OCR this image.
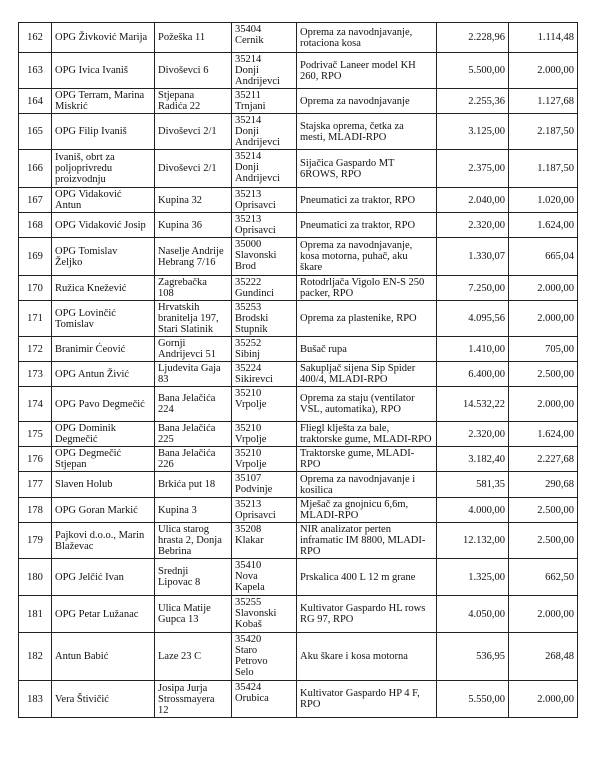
162	OPG Živković Marija	Požeška 11	35404
Cernik	Oprema za navodnjavanje,
rotaciona kosa	2.228,96	1.114,48
163	OPG Ivica Ivaniš	Divoševci 6	35214
Donji
Andrijevci	Podrivač Laneer model KH
260, RPO	5.500,00	2.000,00
164	OPG Terram, Marina
Miskrić	Stjepana
Radića 22	35211
Trnjani	Oprema za navodnjavanje	2.255,36	1.127,68
165	OPG Filip Ivaniš	Divoševci 2/1	35214
Donji
Andrijevci	Stajska oprema, četka za
mesti, MLADI-RPO	3.125,00	2.187,50
166	Ivaniš, obrt za
poljoprivredu
proizvodnju	Divoševci 2/1	35214
Donji
Andrijevci	Sijačica Gaspardo MT
6ROWS, RPO	2.375,00	1.187,50
167	OPG Vidaković
Antun	Kupina 32	35213
Oprisavci	Pneumatici za traktor, RPO	2.040,00	1.020,00
168	OPG Vidaković Josip	Kupina 36	35213
Oprisavci	Pneumatici za traktor, RPO	2.320,00	1.624,00
169	OPG Tomislav
Željko	Naselje Andrije
Hebrang 7/16	35000
Slavonski
Brod	Oprema za navodnjavanje,
kosa motorna, puhač, aku
škare	1.330,07	665,04
170	Ružica Knežević	Zagrebačka
108	35222
Gundinci	Rotodrljača Vigolo EN-S 250
packer, RPO	7.250,00	2.000,00
171	OPG Lovinčić
Tomislav	Hrvatskih
branitelja 197,
Stari Slatinik	35253
Brodski
Stupnik	Oprema za plastenike, RPO	4.095,56	2.000,00
172	Branimir Ćeović	Gornji
Andrijevci 51	35252
Sibinj	Bušač rupa	1.410,00	705,00
173	OPG Antun Živić	Ljudevita Gaja
83	35224
Sikirevci	Sakupljač sijena Sip Spider
400/4, MLADI-RPO	6.400,00	2.500,00
174	OPG Pavo Degmečić	Bana Jelačića
224	35210
Vrpolje	Oprema za staju (ventilator
VSL, automatika), RPO	14.532,22	2.000,00
175	OPG Dominik
Degmečić	Bana Jelačića
225	35210
Vrpolje	Fliegl klješta za bale,
traktorske gume, MLADI-RPO	2.320,00	1.624,00
176	OPG Degmečić
Stjepan	Bana Jelačića
226	35210
Vrpolje	Traktorske gume, MLADI-
RPO	3.182,40	2.227,68
177	Slaven Holub	Brkića put 18	35107
Podvinje	Oprema za navodnjavanje i
kosilica	581,35	290,68
178	OPG Goran Markić	Kupina 3	35213
Oprisavci	Mješač za gnojnicu 6,6m,
MLADI-RPO	4.000,00	2.500,00
179	Pajkovi d.o.o., Marin
Blaževac	Ulica starog
hrasta 2, Donja
Bebrina	35208
Klakar	NIR analizator perten
inframatic IM 8800, MLADI-
RPO	12.132,00	2.500,00
180	OPG Jelčić Ivan	Srednji
Lipovac 8	35410
Nova
Kapela	Prskalica 400 L 12 m grane	1.325,00	662,50
181	OPG Petar Lužanac	Ulica Matije
Gupca 13	35255
Slavonski
Kobaš	Kultivator Gaspardo HL rows
RG 97, RPO	4.050,00	2.000,00
182	Antun Babić	Laze 23 C	35420
Staro
Petrovo
Selo	Aku škare i kosa motorna	536,95	268,48
183	Vera Štivičić	Josipa Jurja
Strossmayera
12	35424
Orubica	Kultivator Gaspardo HP 4 F,
RPO	5.550,00	2.000,00
